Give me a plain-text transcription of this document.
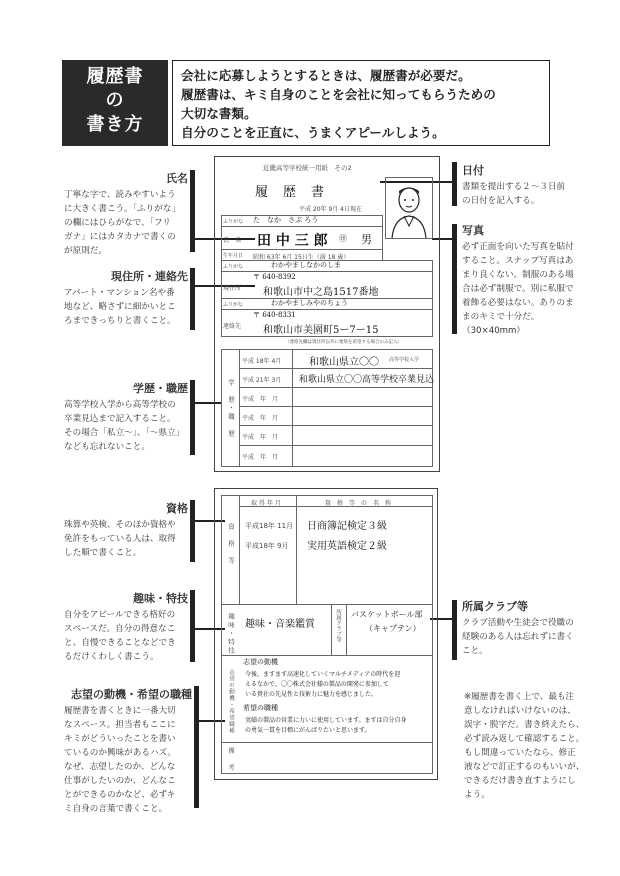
履歴書
の
書き方
会社に応募しようとするときは、履歴書が必要だ。
履歴書は、キミ自身のことを会社に知ってもらうための
大切な書類。
自分のことを正直に、うまくアピールしよう。
氏名
丁寧な字で、読みやすいよう
に大きく書こう。「ふりがな」
の欄にはひらがなで、「フリ
ガナ」にはカタカナで書くの
が原則だ。
現住所・連絡先
アパート・マンション名や番
地など、略さずに細かいとこ
ろまできっちりと書くこと。
学歴・職歴
高等学校入学から高等学校の
卒業見込まで記入すること。
その場合「私立〜」、「〜県立」
なども忘れないこと。
資格
珠算や英検、そのほか資格や
免許をもっている人は、取得
した順で書くこと。
趣味・特技
自分をアピールできる格好の
スペースだ。自分の得意なこ
と、自慢できることなどでき
るだけくわしく書こう。
志望の動機・希望の職種
履歴書を書くときに一番大切
なスペース。担当者もここに
キミがどういったことを書い
ているのか興味があるハズ。
なぜ、志望したのか、どんな
仕事がしたいのか、どんなこ
とができるのかなど、必ずキ
ミ自身の言葉で書くこと。
日付
書類を提出する２〜３日前
の日付を記入する。
写真
必ず正面を向いた写真を貼付
すること。スナップ写真はあ
まり良くない。制服のある場
合は必ず制服で。別に私服で
着飾る必要はない。ありのま
まのキミで十分だ。
（30×40mm）
所属クラブ等
クラブ活動や生徒会で役職の
経験のある人は忘れずに書く
こと。
※履歴書を書く上で、最も注
意しなければいけないのは、
誤字・脱字だ。書き終えたら、
必ず読み返して確認すること。
もし間違っていたなら、修正
液などで訂正するのもいいが、
できるだけ書き直すようにし
よう。
近畿高等学校統一用紙　その2
履　歴　書
平成 20年 9月 4日現在
ふりがな た　なか　さぶ ろう
氏　名 田 中 三 郎 ㊞ 男
生年月日 昭和 63年 6月 15日生（満 18 歳）
ふりがな	わかやましなかのしま
〒 640-8392
現住所 和歌山市中之島1517番地
ふりがな	わかやましみやのちょう
〒 640-8331
連絡先 和歌山市美園町5ー7ー15
（連絡先欄は現住所以外に連絡を希望する場合のみ記入）
学　歴・職　歴
平成 18年 4月	和歌山県立〇〇 高等学校入学
平成 21年 3月 和歌山県立〇〇高等学校卒業見込
平成　年　月
平成　年　月
平成　年　月
平成　年　月
資　格　等
取 得 年 月	資　格　等　の　名　称
平成18年 11月 日商簿記検定３級
平成18年 9月 実用英語検定２級
趣味・特技 趣味・音楽鑑賞	所属クラブ等 バスケットボール部
（キャプテン）
志望の動機・希望職種
志望の動機
今後、ますます高速化していくマルチメディアの時代を迎
えるなかで、〇〇株式会社様の製品の開発に参加して
いる貴社の先見性と技術力に魅力を感じました。
希望の職種
実績の製品の営業に力いに使用しています。ますは自分自身
の勇気一貫を目標にがんばりたいと思います。
備　考
